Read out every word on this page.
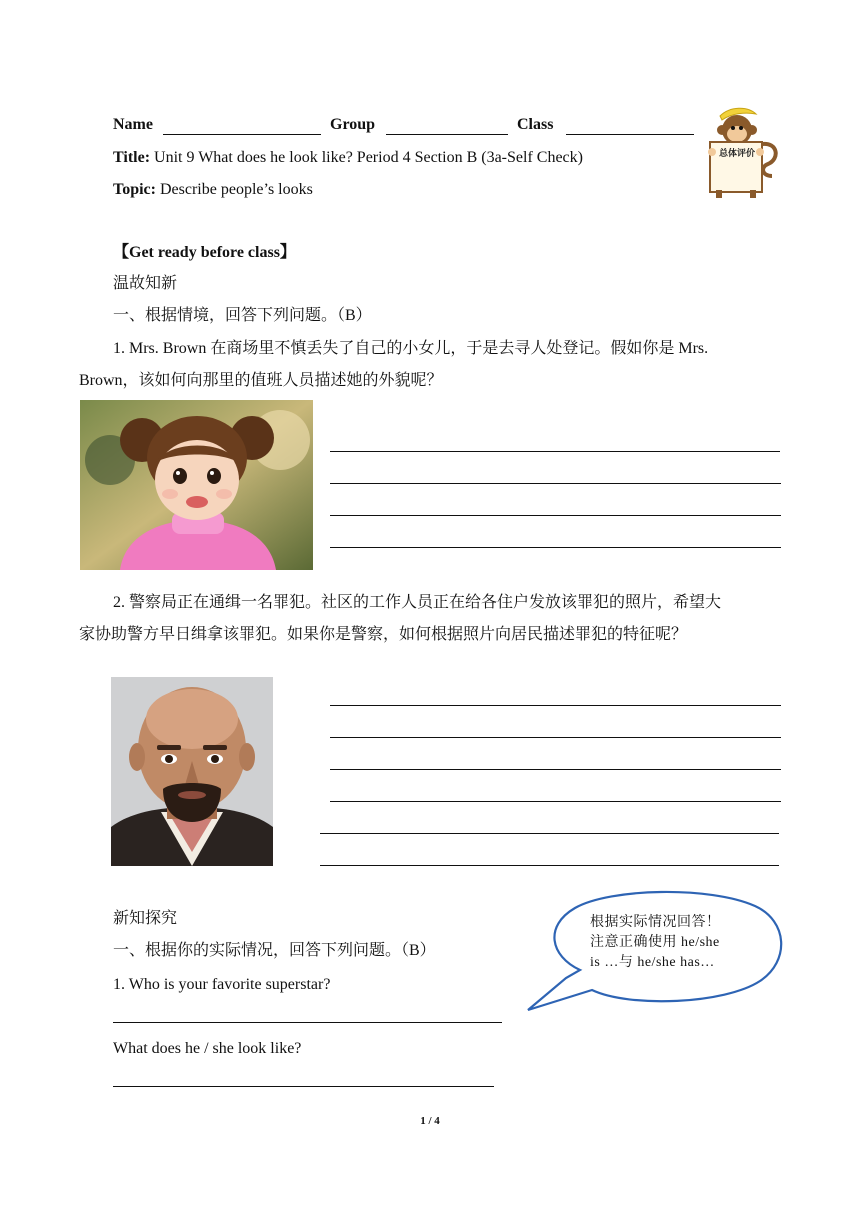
Name	Group	Class
Title: Unit 9 What does he look like? Period 4 Section B (3a-Self Check)
Topic: Describe people’s looks
总体评价
【Get ready before class】
温故知新
一、根据情境，回答下列问题。（B）
1. Mrs. Brown 在商场里不慎丢失了自己的小女儿，于是去寻人处登记。假如你是 Mrs.
Brown，该如何向那里的值班人员描述她的外貌呢？
2. 警察局正在通缉一名罪犯。社区的工作人员正在给各住户发放该罪犯的照片，希望大
家协助警方早日缉拿该罪犯。如果你是警察，如何根据照片向居民描述罪犯的特征呢？
新知探究
一、根据你的实际情况，回答下列问题。（B）
1. Who is your favorite superstar?
What does he / she look like?
根据实际情况回答！
注意正确使用 he/she
is …与 he/she has…
1 / 4
